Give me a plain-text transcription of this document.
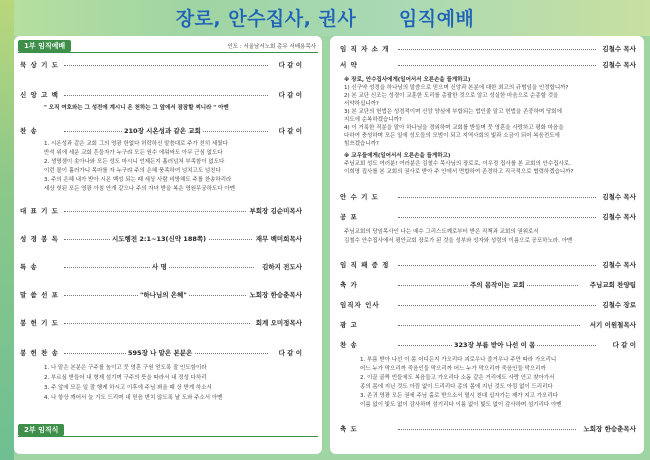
장로, 안수집사, 권사      임직예배
1부 임직예배	인도 : 서울남서노회 총무 서배용목사
묵 상 기 도	다 같 이
신 앙 고 백	다 같 이
" 오직 여호와는 그 성전에 계시니 온 천하는 그 앞에서 잠잠할 찌니라 " 아멘
찬 송	210장 시온성과 같은 교회	다 같 이
1. 시온성과 같은 교회 그의 영광 한없다 허락하신 말씀대로 주가 친히 세웠다
반석 위에 세운 교회 흔들자가 누구랴 모든 원수 에워싸도 아무 근심 없도다
2. 생명샘이 솟아나와 모든 성도 마시니 언제든지 흘러넘쳐 부족함이 없도다
이런 물이 흘러가니 목마를 자 누구랴 주의 은혜 풍족하여 넘치고도 넘친다
3. 주의 은혜 내가 받아 시온 백성 되는 때 세상 사람 비방해도 주를 찬송하리라
세상 헛된 모든 영광 아침 안개 같으나 주의 자녀 받을 복은 영원무궁하도다 아멘
대 표 기 도	부회장 김순미목사
성 경 봉 독	시도행전 2:1~13(신약 188쪽)	재무 백미희목사
특 송	사 명	김하지 전도사
말 씀 선 포	"하나님의 은혜"	노회장 한승춘목사
봉 헌 기 도	회계 오미정목사
봉 헌 찬 송	595장 나 맡은 본분은	다 같 이
1. 나 맡은 본분은 구주를 높이고 뭇 영혼 구원 얻도록 잘 인도함이라
2. 부르심 받들어 내 형제 섬기며 구주의 뜻을 따라서 내 정성 다하리
3. 주 앞에 모든 일 잘 행케 하시고 이후에 주님 뵈올 때 상 받게 하소서
4. 나 항상 깨어서 늘 기도 드리며 내 믿음 변치 않도록 날 도와 주소서 아멘
2부 임직식
임 직 자 소 개	김철수 목사
서 약	김철수 목사
※ 장로, 안수집사에게(일어서서 오른손을 들게하고)
1) 신구약 성경을 하나님의 말씀으로 믿으며 신앙과 본분에 대한 최고의 규범임을 인정합니까?
2) 본 교단 신조는 성경이 교훈한 도리를 총괄한 것으로 알고 성실한 마음으로 순종할 것을
서약하십니까?
3) 본 교단의 헌법은 성경적이며 신앙 양심에 부합되는 법인줄 알고 헌법을 존중하며 당회에
지도에 순복하겠습니까?
4) 이 거룩한 직분을 맡아 하나님을 경외하며 교회를 받들며 뭇 영혼을 사랑하고 평화 마음을
다하여 충성하며 모든 일에 성도들의 모범이 되고 지역사회의 빛과 소금이 되어 복음전도에
힘쓰겠습니까?
※ 교우들에게(일어서서 오른손을 들게하고)
주님교회 성도 여러분! 여러분은 김철수 목사님의 장로로, 이우정 집사를 본 교회의 안수집사로,
이희영 집사를 본 교회의 권사로 받아 주 안에서 면합하여 존경하고 직극적으로 협력하겠습니까?
안 수 기 도	김철수 목사
공 포	김철수 목사
주님교회의 당임목사인 나는 예수 그리스도께로부터 받은 직책과 교회의 권위로서
김철수 안수집사에서 평안교회 장로가 된 것을 성부와 성자와 성령의 이름으로 공포하노라. 아멘
임 직 패 증 정	김철수 목사
축 가	주의 몸작이는 교회	주님교회 찬양팀
임직자 인사	김철수 장로
광 고	서기 이원철목사
찬 송	323장 부름 받아 나선 이 몸	다 같 이
1. 부름 받아 나선 이 몸 어디든지 가오리다 괴로우나 즐거우나 주만 따라 가오리니
어느 누가 막으리까 죽음인들 막으리까 어느 누가 막으리까 죽음인들 막으리까
2. 이끌 골짝 빈들에도 복음들고 가오리다 소돔 같은 거리에도 사랑 안고 찾아가서
종의 몸에 지닌 것도 아낌 없이 드리리다 종의 몸에 지닌 것도 아낌 없이 드리리다
3. 존귀 영광 모든 권세 주님 홀로 받으소서 멸시 천대 십자가는 제가 지고 가오리다
이름 없이 빛도 없이 감사하며 섬기리다 이름 없이 빛도 없이 감사하며 섬기리다 아멘
축 도	노회장 한승춘목사
